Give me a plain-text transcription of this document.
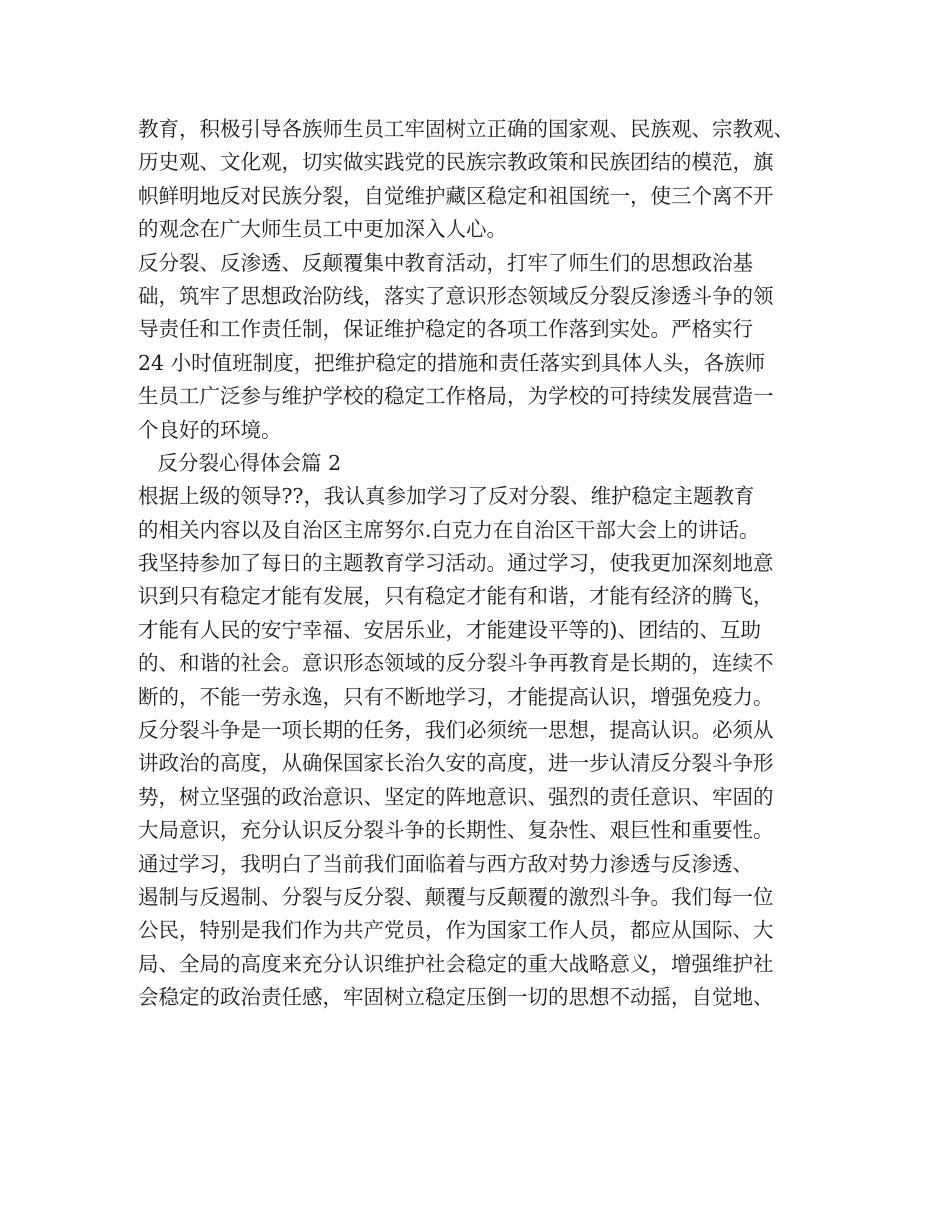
教育，积极引导各族师生员工牢固树立正确的国家观、民族观、宗教观、
历史观、文化观，切实做实践党的民族宗教政策和民族团结的模范，旗
帜鲜明地反对民族分裂，自觉维护藏区稳定和祖国统一，使三个离不开
的观念在广大师生员工中更加深入人心。
反分裂、反渗透、反颠覆集中教育活动，打牢了师生们的思想政治基
础，筑牢了思想政治防线，落实了意识形态领域反分裂反渗透斗争的领
导责任和工作责任制，保证维护稳定的各项工作落到实处。严格实行
24 小时值班制度，把维护稳定的措施和责任落实到具体人头，各族师
生员工广泛参与维护学校的稳定工作格局，为学校的可持续发展营造一
个良好的环境。
反分裂心得体会篇 2
根据上级的领导??，我认真参加学习了反对分裂、维护稳定主题教育
的相关内容以及自治区主席努尔.白克力在自治区干部大会上的讲话。
我坚持参加了每日的主题教育学习活动。通过学习，使我更加深刻地意
识到只有稳定才能有发展，只有稳定才能有和谐，才能有经济的腾飞，
才能有人民的安宁幸福、安居乐业，才能建设平等的)、团结的、互助
的、和谐的社会。意识形态领域的反分裂斗争再教育是长期的，连续不
断的，不能一劳永逸，只有不断地学习，才能提高认识，增强免疫力。
反分裂斗争是一项长期的任务，我们必须统一思想，提高认识。必须从
讲政治的高度，从确保国家长治久安的高度，进一步认清反分裂斗争形
势，树立坚强的政治意识、坚定的阵地意识、强烈的责任意识、牢固的
大局意识，充分认识反分裂斗争的长期性、复杂性、艰巨性和重要性。
通过学习，我明白了当前我们面临着与西方敌对势力渗透与反渗透、
遏制与反遏制、分裂与反分裂、颠覆与反颠覆的激烈斗争。我们每一位
公民，特别是我们作为共产党员，作为国家工作人员，都应从国际、大
局、全局的高度来充分认识维护社会稳定的重大战略意义，增强维护社
会稳定的政治责任感，牢固树立稳定压倒一切的思想不动摇，自觉地、
